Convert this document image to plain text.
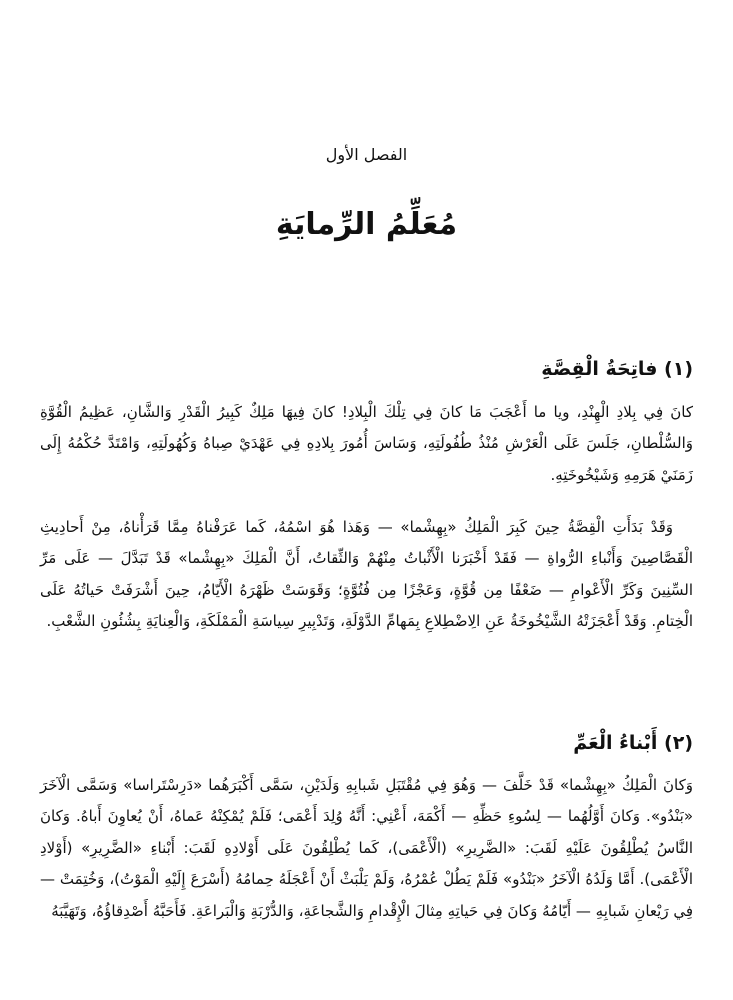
الفصل الأول
مُعَلِّمُ الرِّمايَةِ
(١) فاتِحَةُ الْقِصَّةِ

كانَ فِي بِلادِ الْهِنْدِ، ويا ما أَعْجَبَ مَا كانَ فِي تِلْكَ الْبِلادِ! كانَ فِيهَا مَلِكٌ كَبِيرُ الْقَدْرِ وَالشَّانِ، عَظِيمُ الْقُوَّةِ وَالسُّلْطانِ، جَلَسَ عَلَى الْعَرْشِ مُنْذُ طُفُولَتِهِ، وَسَاسَ أُمُورَ بِلادِهِ فِي عَهْدَيْ صِباهُ وَكُهُولَتِهِ، وَامْتَدَّ حُكْمُهُ إِلَى زَمَنَيْ هَرَمِهِ وَشَيْخُوخَتِهِ.

وَقَدْ بَدَأَتِ الْقِصَّةُ حِينَ كَبِرَ الْمَلِكُ «بِهِشْما» — وَهَذا هُوَ اسْمُهُ، كَما عَرَفْناهُ مِمَّا قَرَأْناهُ، مِنْ أَحادِيثِ الْقَصَّاصِينَ وَأَنْباءِ الرُّواةِ — فَقَدْ أَخْبَرَنا الْأَثْباتُ مِنْهُمْ وَالثِّقاتُ، أَنَّ الْمَلِكَ «بِهِشْما» قَدْ تَبَدَّلَ — عَلَى مَرِّ السِّنِينَ وَكَرِّ الْأَعْوامِ — ضَعْفًا مِن قُوَّةٍ، وَعَجْزًا مِن فُتُوَّةٍ؛ وَقَوَسَتْ ظَهْرَهُ الْأَيّامُ، حِينَ أَشْرَفَتْ حَياتُهُ عَلَى الْخِتامِ. وَقَدْ أَعْجَزَتْهُ الشَّيْخُوخَةُ عَنِ الِاضْطِلاعِ بِمَهامِّ الدَّوْلَةِ، وَتَدْبِيرِ سِياسَةِ الْمَمْلَكَةِ، وَالْعِنايَةِ بِشُئُونِ الشَّعْبِ.

(٢) أَبْناءُ الْعَمِّ

وَكانَ الْمَلِكُ «بِهِشْما» قَدْ خَلَّفَ — وَهُوَ فِي مُقْتَبَلِ شَبابِهِ وَلَدَيْنِ، سَمَّى أَكْبَرَهُما «دَرِسْتَراسا» وَسَمَّى الْآخَرَ «بَنْدُو». وَكانَ أَوَّلُهُما — لِسُوءِ حَظِّهِ — أَكْمَهَ، أَعْنِي: أَنَّهُ وُلِدَ أَعْمَى؛ فَلَمْ يُمْكِنْهُ عَماهُ، أَنْ يُعاوِنَ أَباهُ. وَكانَ النَّاسُ يُطْلِقُونَ عَلَيْهِ لَقَبَ: «الضَّرِيرِ» (الْأَعْمَى)، كَما يُطْلِقُونَ عَلَى أَوْلادِهِ لَقَبَ: أَبْناءِ «الضَّرِيرِ» (أَوْلادِ الْأَعْمَى). أَمَّا وَلَدُهُ الْآخَرُ «بَنْدُو» فَلَمْ يَطُلْ عُمْرُهُ، وَلَمْ يَلْبَثْ أَنْ أَعْجَلَهُ حِمامُهُ (أَسْرَعَ إِلَيْهِ الْمَوْتُ)، وَخُتِمَتْ — فِي رَيْعانِ شَبابِهِ — أَيّامُهُ وَكانَ فِي حَياتِهِ مِثالَ الْإِقْدامِ وَالشَّجاعَةِ، وَالدُّرْبَةِ وَالْبَراعَةِ. فَأَحَبَّهُ أَصْدِقاؤُهُ، وَتَهَيَّبَهُ
